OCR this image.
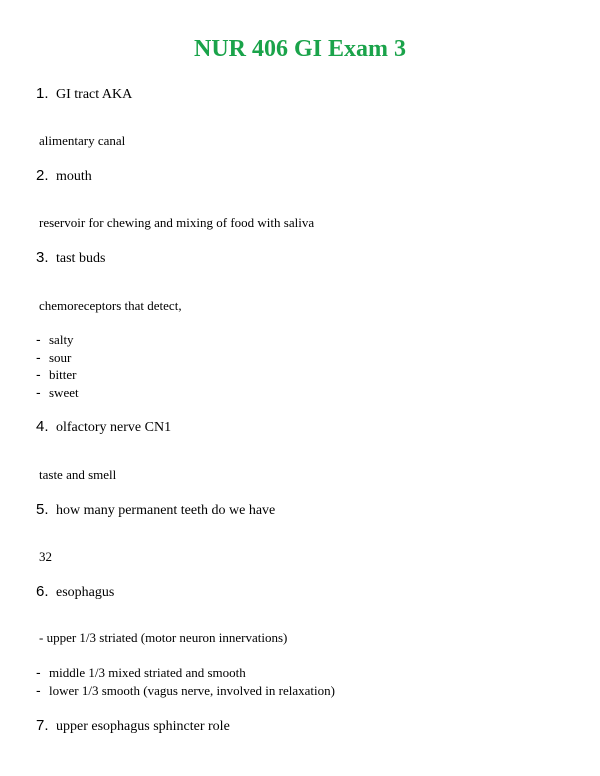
NUR 406 GI Exam 3
1. GI tract AKA
alimentary canal
2. mouth
reservoir for chewing and mixing of food with saliva
3. tast buds
chemoreceptors that detect,
- salty
- sour
- bitter
- sweet
4. olfactory nerve CN1
taste and smell
5. how many permanent teeth do we have
32
6. esophagus
- upper 1/3 striated (motor neuron innervations)
- middle 1/3 mixed striated and smooth
- lower 1/3 smooth (vagus nerve, involved in relaxation)
7. upper esophagus sphincter role
